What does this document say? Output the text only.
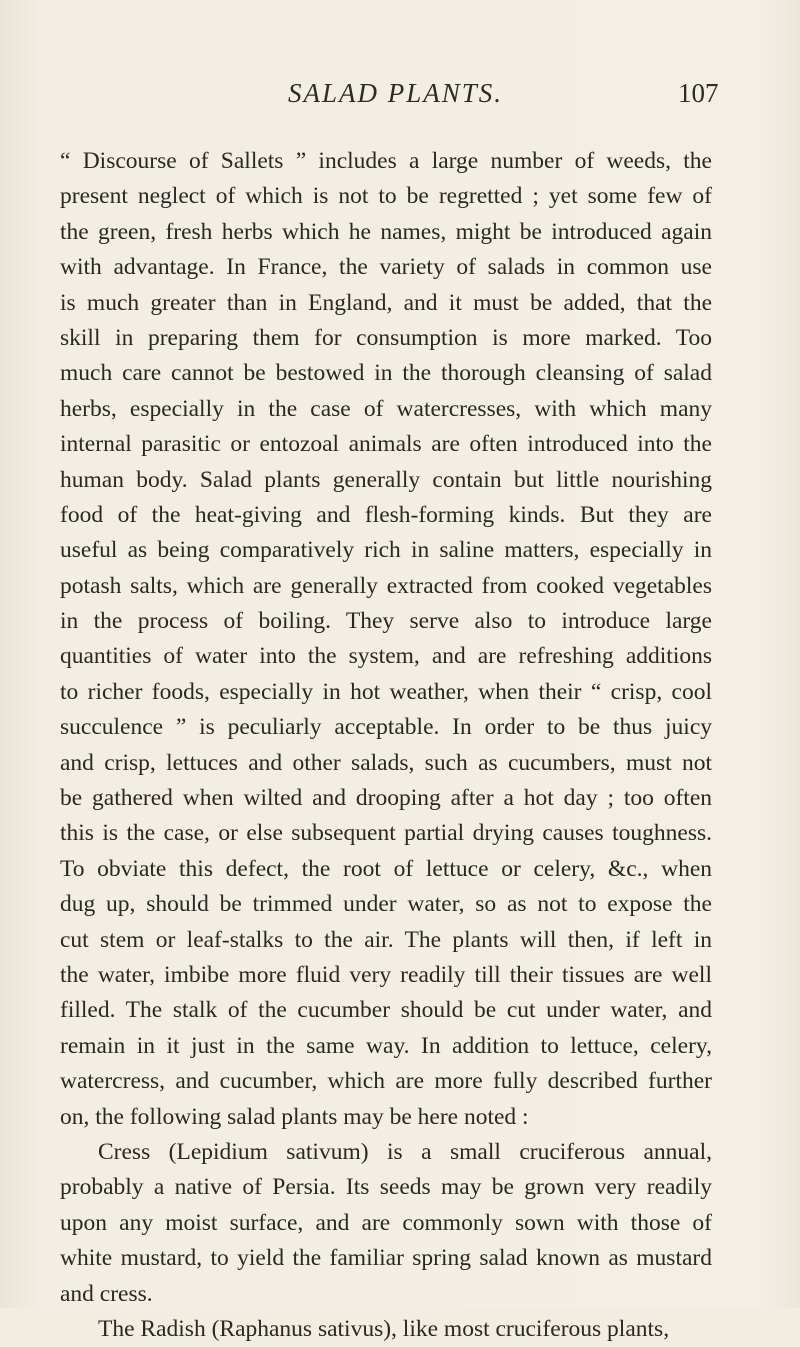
SALAD PLANTS.	107
“ Discourse of Sallets ” includes a large number of weeds, the
present neglect of which is not to be regretted ; yet some few of
the green, fresh herbs which he names, might be introduced again
with advantage. In France, the variety of salads in common use
is much greater than in England, and it must be added, that the
skill in preparing them for consumption is more marked. Too
much care cannot be bestowed in the thorough cleansing of salad
herbs, especially in the case of watercresses, with which many
internal parasitic or entozoal animals are often introduced into the
human body. Salad plants generally contain but little nourishing
food of the heat-giving and flesh-forming kinds. But they are
useful as being comparatively rich in saline matters, especially in
potash salts, which are generally extracted from cooked vegetables
in the process of boiling. They serve also to introduce large
quantities of water into the system, and are refreshing additions
to richer foods, especially in hot weather, when their “ crisp, cool
succulence ” is peculiarly acceptable. In order to be thus juicy
and crisp, lettuces and other salads, such as cucumbers, must not
be gathered when wilted and drooping after a hot day ; too often
this is the case, or else subsequent partial drying causes toughness.
To obviate this defect, the root of lettuce or celery, &c., when
dug up, should be trimmed under water, so as not to expose the
cut stem or leaf-stalks to the air. The plants will then, if left in
the water, imbibe more fluid very readily till their tissues are well
filled. The stalk of the cucumber should be cut under water, and
remain in it just in the same way. In addition to lettuce, celery,
watercress, and cucumber, which are more fully described further
on, the following salad plants may be here noted :
Cress (Lepidium sativum) is a small cruciferous annual,
probably a native of Persia. Its seeds may be grown very readily
upon any moist surface, and are commonly sown with those of
white mustard, to yield the familiar spring salad known as mustard
and cress.
The Radish (Raphanus sativus), like most cruciferous plants,
